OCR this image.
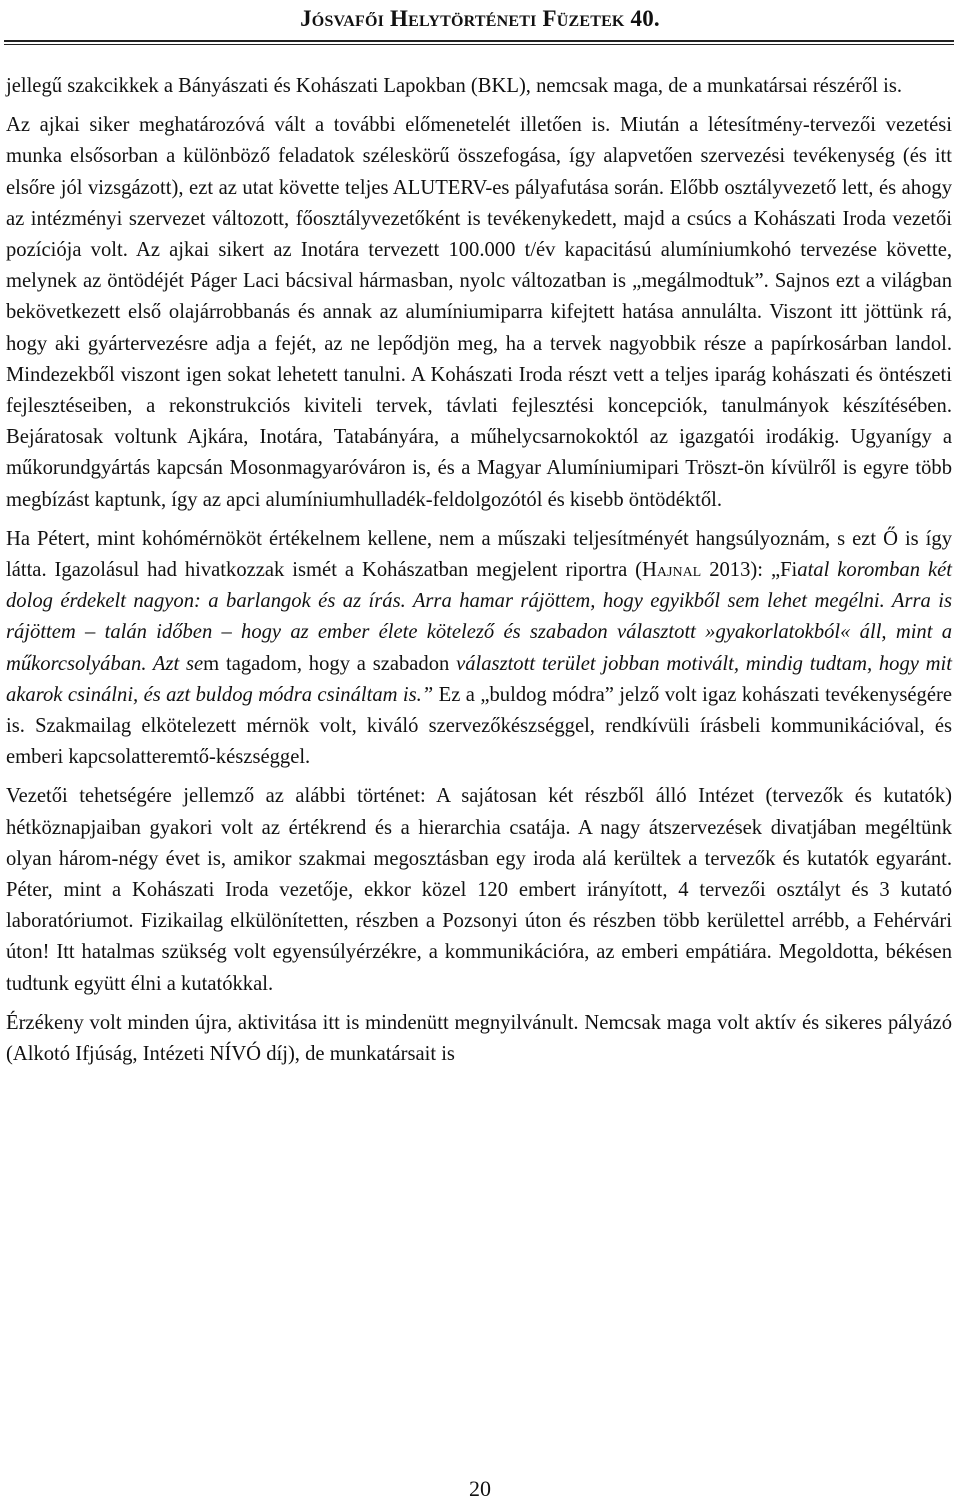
Jósvafői Helytörténeti Füzetek 40.

jellegű szakcikkek a Bányászati és Kohászati Lapokban (BKL), nemcsak maga, de a munkatársai részéről is.

Az ajkai siker meghatározóvá vált a további előmenetelét illetően is. Miután a létesítmény-tervezői vezetési munka elsősorban a különböző feladatok széleskörű összefogása, így alapvetően szervezési tevékenység (és itt elsőre jól vizsgázott), ezt az utat követte teljes ALUTERV-es pályafutása során. Előbb osztályvezető lett, és ahogy az intézményi szervezet változott, főosztályvezetőként is tevékenykedett, majd a csúcs a Kohászati Iroda vezetői pozíciója volt. Az ajkai sikert az Inotára tervezett 100.000 t/év kapacitású alumíniumkohó tervezése követte, melynek az öntödéjét Páger Laci bácsival hármasban, nyolc változatban is „megálmodtuk”. Sajnos ezt a világban bekövetkezett első olajárrobbanás és annak az alumíniumiparra kifejtett hatása annulálta. Viszont itt jöttünk rá, hogy aki gyártervezésre adja a fejét, az ne lepődjön meg, ha a tervek nagyobbik része a papírkosárban landol. Mindezekből viszont igen sokat lehetett tanulni. A Kohászati Iroda részt vett a teljes iparág kohászati és öntészeti fejlesztéseiben, a rekonstrukciós kiviteli tervek, távlati fejlesztési koncepciók, tanulmányok készítésében. Bejáratosak voltunk Ajkára, Inotára, Tatabányára, a műhelycsarnokoktól az igazgatói irodákig. Ugyanígy a műkorundgyártás kapcsán Mosonmagyaróváron is, és a Magyar Alumíniumipari Tröszt-ön kívülről is egyre több megbízást kaptunk, így az apci alumíniumhulladék-feldolgozótól és kisebb öntödéktől.

Ha Pétert, mint kohómérnököt értékelnem kellene, nem a műszaki teljesítményét hangsúlyoznám, s ezt Ő is így látta. Igazolásul had hivatkozzak ismét a Kohászatban megjelent riportra (Hajnal 2013): „Fiatal koromban két dolog érdekelt nagyon: a barlangok és az írás. Arra hamar rájöttem, hogy egyikből sem lehet megélni. Arra is rájöttem – talán időben – hogy az ember élete kötelező és szabadon választott »gyakorlatokból« áll, mint a műkorcsolyában. Azt sem tagadom, hogy a szabadon választott terület jobban motivált, mindig tudtam, hogy mit akarok csinálni, és azt buldog módra csináltam is.” Ez a „buldog módra” jelző volt igaz kohászati tevékenységére is. Szakmailag elkötelezett mérnök volt, kiváló szervezőkészséggel, rendkívüli írásbeli kommunikációval, és emberi kapcsolatteremtő-készséggel.

Vezetői tehetségére jellemző az alábbi történet: A sajátosan két részből álló Intézet (tervezők és kutatók) hétköznapjaiban gyakori volt az értékrend és a hierarchia csatája. A nagy átszervezések divatjában megéltünk olyan három-négy évet is, amikor szakmai megosztásban egy iroda alá kerültek a tervezők és kutatók egyaránt. Péter, mint a Kohászati Iroda vezetője, ekkor közel 120 embert irányított, 4 tervezői osztályt és 3 kutató laboratóriumot. Fizikailag elkülönítetten, részben a Pozsonyi úton és részben több kerülettel arrébb, a Fehérvári úton! Itt hatalmas szükség volt egyensúlyérzékre, a kommunikációra, az emberi empátiára. Megoldotta, békésen tudtunk együtt élni a kutatókkal.

Érzékeny volt minden újra, aktivitása itt is mindenütt megnyilvánult. Nemcsak maga volt aktív és sikeres pályázó (Alkotó Ifjúság, Intézeti NÍVÓ díj), de munkatársait is

20
